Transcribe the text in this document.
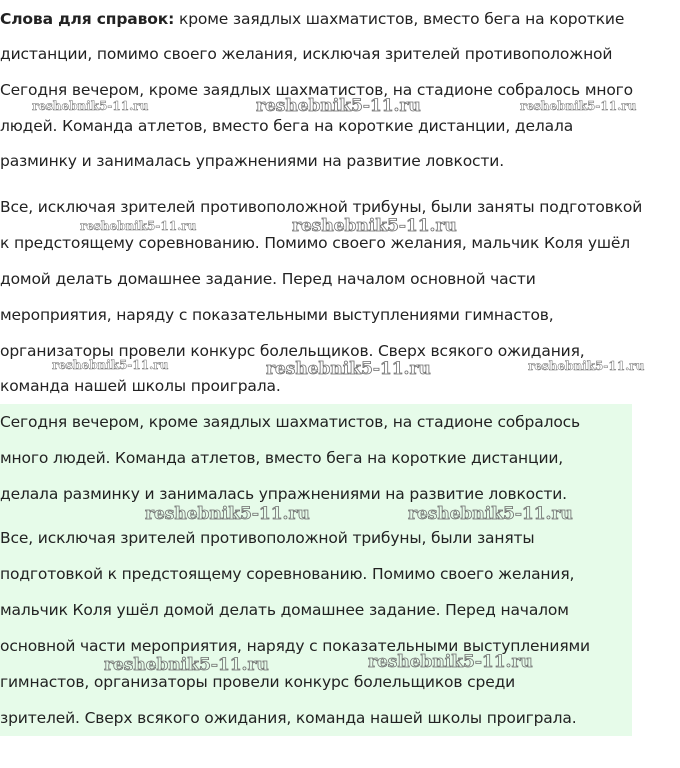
Слова для справок: кроме заядлых шахматистов, вместо бега на короткие
дистанции, помимо своего желания, исключая зрителей противоположной
Сегодня вечером, кроме заядлых шахматистов, на стадионе собралось много
людей. Команда атлетов, вместо бега на короткие дистанции, делала
разминку и занималась упражнениями на развитие ловкости.
Все, исключая зрителей противоположной трибуны, были заняты подготовкой
к предстоящему соревнованию. Помимо своего желания, мальчик Коля ушёл
домой делать домашнее задание. Перед началом основной части
мероприятия, наряду с показательными выступлениями гимнастов,
организаторы провели конкурс болельщиков. Сверх всякого ожидания,
команда нашей школы проиграла.
Сегодня вечером, кроме заядлых шахматистов, на стадионе собралось
много людей. Команда атлетов, вместо бега на короткие дистанции,
делала разминку и занималась упражнениями на развитие ловкости.
Все, исключая зрителей противоположной трибуны, были заняты
подготовкой к предстоящему соревнованию. Помимо своего желания,
мальчик Коля ушёл домой делать домашнее задание. Перед началом
основной части мероприятия, наряду с показательными выступлениями
гимнастов, организаторы провели конкурс болельщиков среди
зрителей. Сверх всякого ожидания, команда нашей школы проиграла.
reshebnik5-11.ru	reshebnik5-11.ru	reshebnik5-11.ru
reshebnik5-11.ru	reshebnik5-11.ru
reshebnik5-11.ru	reshebnik5-11.ru	reshebnik5-11.ru
reshebnik5-11.ru	reshebnik5-11.ru
reshebnik5-11.ru	reshebnik5-11.ru
